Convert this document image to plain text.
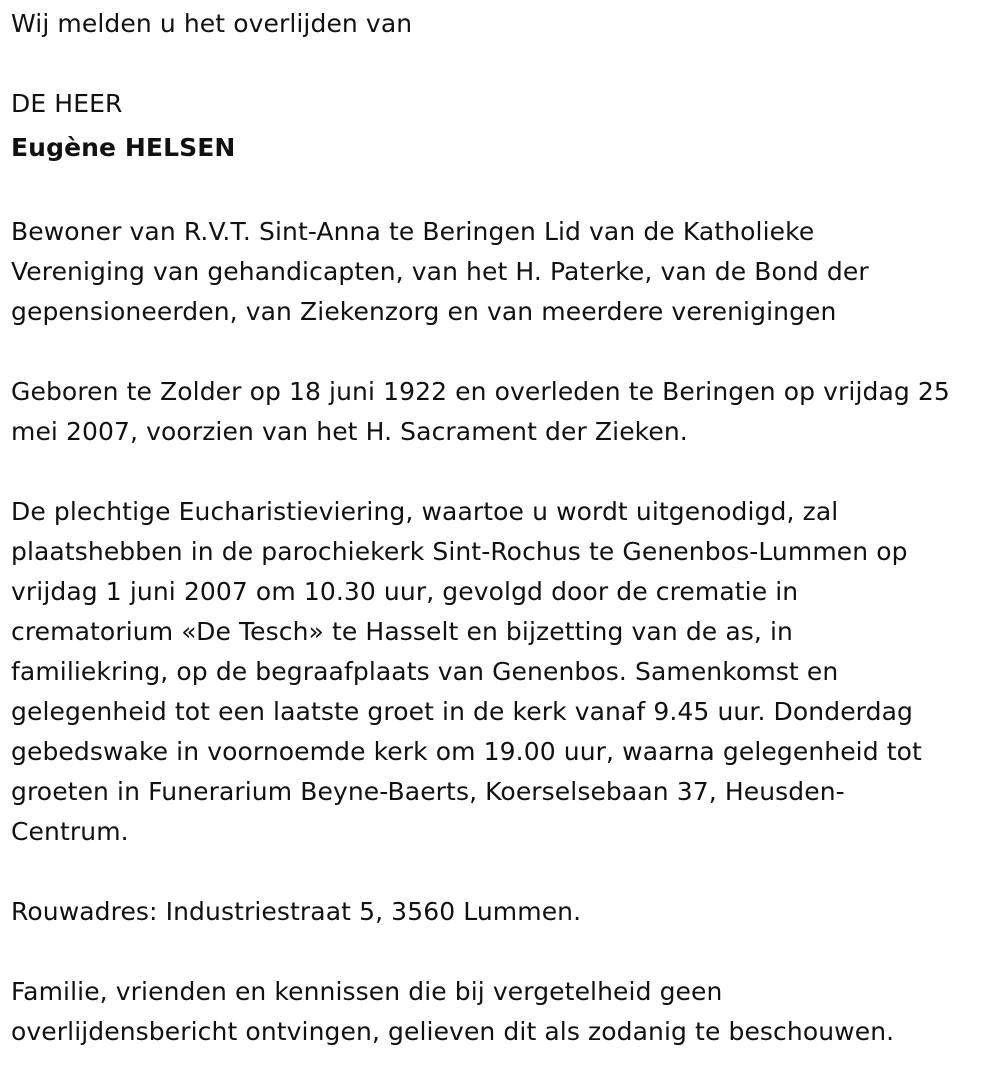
Wij melden u het overlijden van
DE HEER
Eugène HELSEN
Bewoner van R.V.T. Sint-Anna te Beringen Lid van de Katholieke
Vereniging van gehandicapten, van het H. Paterke, van de Bond der
gepensioneerden, van Ziekenzorg en van meerdere verenigingen
Geboren te Zolder op 18 juni 1922 en overleden te Beringen op vrijdag 25
mei 2007, voorzien van het H. Sacrament der Zieken.
De plechtige Eucharistieviering, waartoe u wordt uitgenodigd, zal
plaatshebben in de parochiekerk Sint-Rochus te Genenbos-Lummen op
vrijdag 1 juni 2007 om 10.30 uur, gevolgd door de crematie in
crematorium «De Tesch» te Hasselt en bijzetting van de as, in
familiekring, op de begraafplaats van Genenbos. Samenkomst en
gelegenheid tot een laatste groet in de kerk vanaf 9.45 uur. Donderdag
gebedswake in voornoemde kerk om 19.00 uur, waarna gelegenheid tot
groeten in Funerarium Beyne-Baerts, Koerselsebaan 37, Heusden-
Centrum.
Rouwadres: Industriestraat 5, 3560 Lummen.
Familie, vrienden en kennissen die bij vergetelheid geen
overlijdensbericht ontvingen, gelieven dit als zodanig te beschouwen.
